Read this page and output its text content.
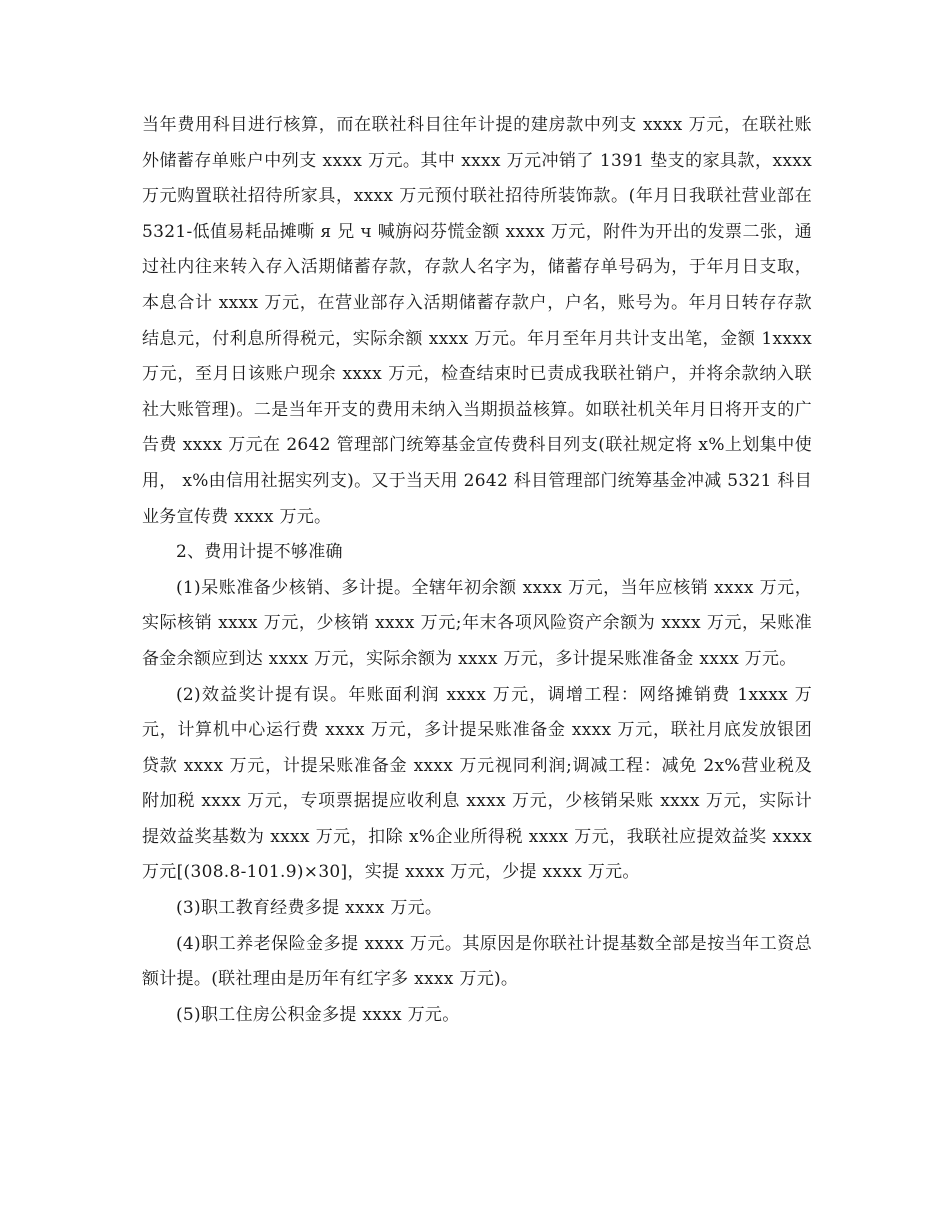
当年费用科目进行核算，而在联社科目往年计提的建房款中列支 xxxx 万元，在联社账外储蓄存单账户中列支 xxxx 万元。其中 xxxx 万元冲销了 1391 垫支的家具款，xxxx 万元购置联社招待所家具，xxxx 万元预付联社招待所装饰款。(年月日我联社营业部在 5321-低值易耗品摊嘶 я 兄 ч 喊旃闷芬慌金额 xxxx 万元，附件为开出的发票二张，通过社内往来转入存入活期储蓄存款，存款人名字为，储蓄存单号码为，于年月日支取，本息合计 xxxx 万元，在营业部存入活期储蓄存款户，户名，账号为。年月日转存存款结息元，付利息所得税元，实际余额 xxxx 万元。年月至年月共计支出笔，金额 1xxxx 万元，至月日该账户现余 xxxx 万元，检查结束时已责成我联社销户，并将余款纳入联社大账管理)。二是当年开支的费用未纳入当期损益核算。如联社机关年月日将开支的广告费 xxxx 万元在 2642 管理部门统筹基金宣传费科目列支(联社规定将 x%上划集中使用， x%由信用社据实列支)。又于当天用 2642 科目管理部门统筹基金冲减 5321 科目业务宣传费 xxxx 万元。

2、费用计提不够准确

(1)呆账准备少核销、多计提。全辖年初余额 xxxx 万元，当年应核销 xxxx 万元，实际核销 xxxx 万元，少核销 xxxx 万元;年末各项风险资产余额为 xxxx 万元，呆账准备金余额应到达 xxxx 万元，实际余额为 xxxx 万元，多计提呆账准备金 xxxx 万元。

(2)效益奖计提有误。年账面利润 xxxx 万元，调增工程：网络摊销费 1xxxx 万元，计算机中心运行费 xxxx 万元，多计提呆账准备金 xxxx 万元，联社月底发放银团贷款 xxxx 万元，计提呆账准备金 xxxx 万元视同利润;调减工程：减免 2x%营业税及附加税 xxxx 万元，专项票据提应收利息 xxxx 万元，少核销呆账 xxxx 万元，实际计提效益奖基数为 xxxx 万元，扣除 x%企业所得税 xxxx 万元，我联社应提效益奖 xxxx 万元[(308.8-101.9)×30]，实提 xxxx 万元，少提 xxxx 万元。

(3)职工教育经费多提 xxxx 万元。

(4)职工养老保险金多提 xxxx 万元。其原因是你联社计提基数全部是按当年工资总额计提。(联社理由是历年有红字多 xxxx 万元)。

(5)职工住房公积金多提 xxxx 万元。
